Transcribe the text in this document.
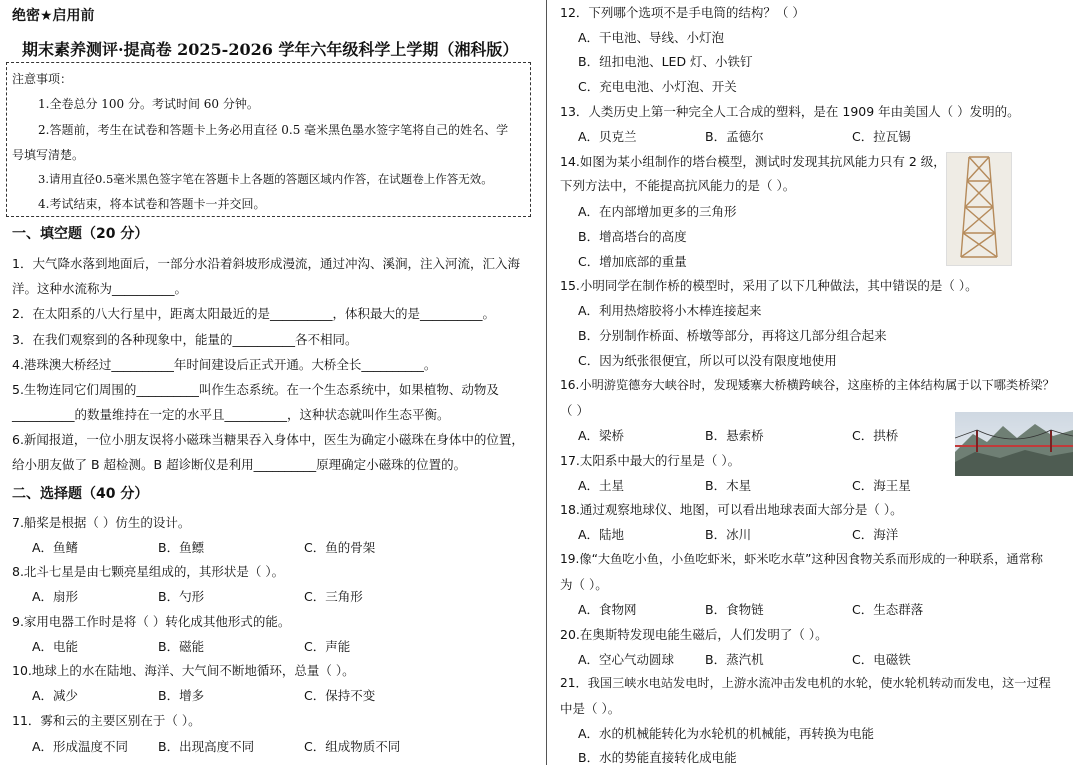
绝密★启用前
期末素养测评·提高卷 2025-2026 学年六年级科学上学期（湘科版）
注意事项：
1.全卷总分 100 分。考试时间 60 分钟。
2.答题前，考生在试卷和答题卡上务必用直径 0.5 毫米黑色墨水签字笔将自己的姓名、学
号填写清楚。
3.请用直径0.5毫米黑色签字笔在答题卡上各题的答题区域内作答，在试题卷上作答无效。
4.考试结束，将本试卷和答题卡一并交回。
一、填空题（20 分）
1．大气降水落到地面后，一部分水沿着斜坡形成漫流，通过冲沟、溪涧，注入河流，汇入海
洋。这种水流称为__________。
2．在太阳系的八大行星中，距离太阳最近的是__________，体积最大的是__________。
3．在我们观察到的各种现象中，能量的__________各不相同。
4.港珠澳大桥经过__________年时间建设后正式开通。大桥全长__________。
5.生物连同它们周围的__________叫作生态系统。在一个生态系统中，如果植物、动物及
__________的数量维持在一定的水平且__________，这种状态就叫作生态平衡。
6.新闻报道，一位小朋友误将小磁珠当糖果吞入身体中，医生为确定小磁珠在身体中的位置，
给小朋友做了 B 超检测。B 超诊断仪是利用__________原理确定小磁珠的位置的。
二、选择题（40 分）
7.船桨是根据（ ）仿生的设计。
A．鱼鳍	B．鱼鳔	C．鱼的骨架
8.北斗七星是由七颗亮星组成的，其形状是（ ）。
A．扇形	B．勺形	C．三角形
9.家用电器工作时是将（ ）转化成其他形式的能。
A．电能	B．磁能	C．声能
10.地球上的水在陆地、海洋、大气间不断地循环，总量（ ）。
A．减少	B．增多	C．保持不变
11．雾和云的主要区别在于（ ）。
A．形成温度不同 B．出现高度不同	C．组成物质不同
12．下列哪个选项不是手电筒的结构？（ ）
A．干电池、导线、小灯泡
B．纽扣电池、LED 灯、小铁钉
C．充电电池、小灯泡、开关
13．人类历史上第一种完全人工合成的塑料，是在 1909 年由美国人（ ）发明的。
A．贝克兰	B．孟德尔	C．拉瓦锡
14.如图为某小组制作的塔台模型，测试时发现其抗风能力只有 2 级，
下列方法中，不能提高抗风能力的是（ ）。
A．在内部增加更多的三角形
B．增高塔台的高度
C．增加底部的重量
15.小明同学在制作桥的模型时，采用了以下几种做法，其中错误的是（ ）。
A．利用热熔胶将小木棒连接起来
B．分别制作桥面、桥墩等部分，再将这几部分组合起来
C．因为纸张很便宜，所以可以没有限度地使用
16.小明游览德夯大峡谷时，发现矮寨大桥横跨峡谷，这座桥的主体结构属于以下哪类桥梁？
（ ）
A．梁桥	B．悬索桥	C．拱桥
17.太阳系中最大的行星是（ ）。
A．土星	B．木星	C．海王星
18.通过观察地球仪、地图，可以看出地球表面大部分是（ ）。
A．陆地	B．冰川	C．海洋
19.像“大鱼吃小鱼，小鱼吃虾米，虾米吃水草”这种因食物关系而形成的一种联系，通常称
为（ ）。
A．食物网	B．食物链	C．生态群落
20.在奥斯特发现电能生磁后，人们发明了（ ）。
A．空心气动圆球 B．蒸汽机	C．电磁铁
21．我国三峡水电站发电时，上游水流冲击发电机的水轮，使水轮机转动而发电，这一过程
中是（ ）。
A．水的机械能转化为水轮机的机械能，再转换为电能
B．水的势能直接转化成电能
